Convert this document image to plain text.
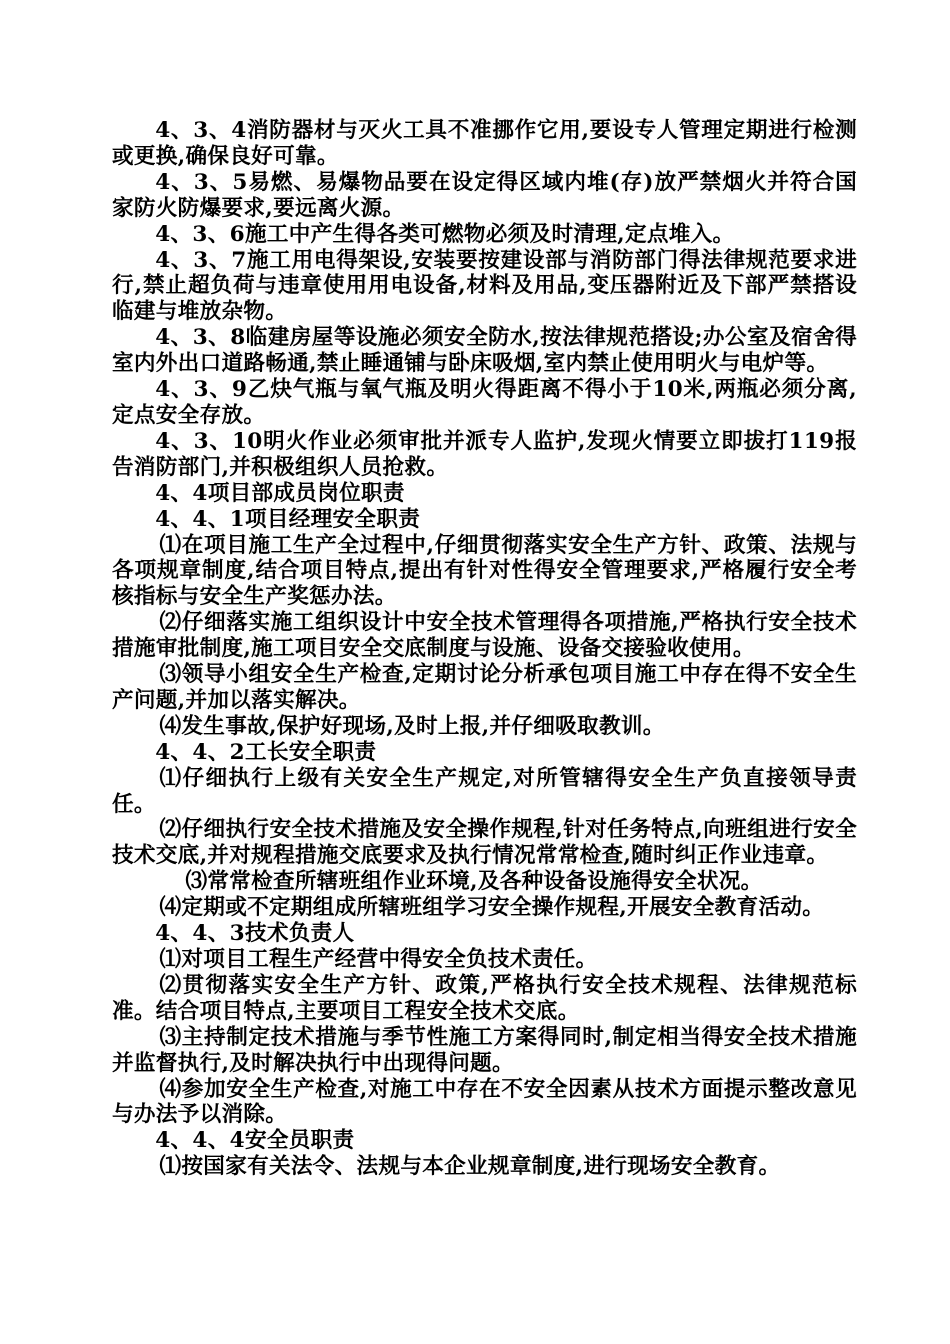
4、3、4消防器材与灭火工具不准挪作它用,要设专人管理定期进行检测或更换,确保良好可靠。

4、3、5易燃、易爆物品要在设定得区域内堆(存)放严禁烟火并符合国家防火防爆要求,要远离火源。

4、3、6施工中产生得各类可燃物必须及时清理,定点堆入。

4、3、7施工用电得架设,安装要按建设部与消防部门得法律规范要求进行,禁止超负荷与违章使用用电设备,材料及用品,变压器附近及下部严禁搭设临建与堆放杂物。

4、3、8临建房屋等设施必须安全防水,按法律规范搭设;办公室及宿舍得室内外出口道路畅通,禁止睡通铺与卧床吸烟,室内禁止使用明火与电炉等。

4、3、9乙炔气瓶与氧气瓶及明火得距离不得小于10米,两瓶必须分离,定点安全存放。

4、3、10明火作业必须审批并派专人监护,发现火情要立即拔打119报告消防部门,并积极组织人员抢救。

4、4项目部成员岗位职责

4、4、1项目经理安全职责

⑴在项目施工生产全过程中,仔细贯彻落实安全生产方针、政策、法规与各项规章制度,结合项目特点,提出有针对性得安全管理要求,严格履行安全考核指标与安全生产奖惩办法。

⑵仔细落实施工组织设计中安全技术管理得各项措施,严格执行安全技术措施审批制度,施工项目安全交底制度与设施、设备交接验收使用。

⑶领导小组安全生产检查,定期讨论分析承包项目施工中存在得不安全生产问题,并加以落实解决。

⑷发生事故,保护好现场,及时上报,并仔细吸取教训。

4、4、2工长安全职责

⑴仔细执行上级有关安全生产规定,对所管辖得安全生产负直接领导责任。

⑵仔细执行安全技术措施及安全操作规程,针对任务特点,向班组进行安全技术交底,并对规程措施交底要求及执行情况常常检查,随时纠正作业违章。

⑶常常检查所辖班组作业环境,及各种设备设施得安全状况。

⑷定期或不定期组成所辖班组学习安全操作规程,开展安全教育活动。

4、4、3技术负责人

⑴对项目工程生产经营中得安全负技术责任。

⑵贯彻落实安全生产方针、政策,严格执行安全技术规程、法律规范标准。结合项目特点,主要项目工程安全技术交底。

⑶主持制定技术措施与季节性施工方案得同时,制定相当得安全技术措施并监督执行,及时解决执行中出现得问题。

⑷参加安全生产检查,对施工中存在不安全因素从技术方面提示整改意见与办法予以消除。

4、4、4安全员职责

⑴按国家有关法令、法规与本企业规章制度,进行现场安全教育。
